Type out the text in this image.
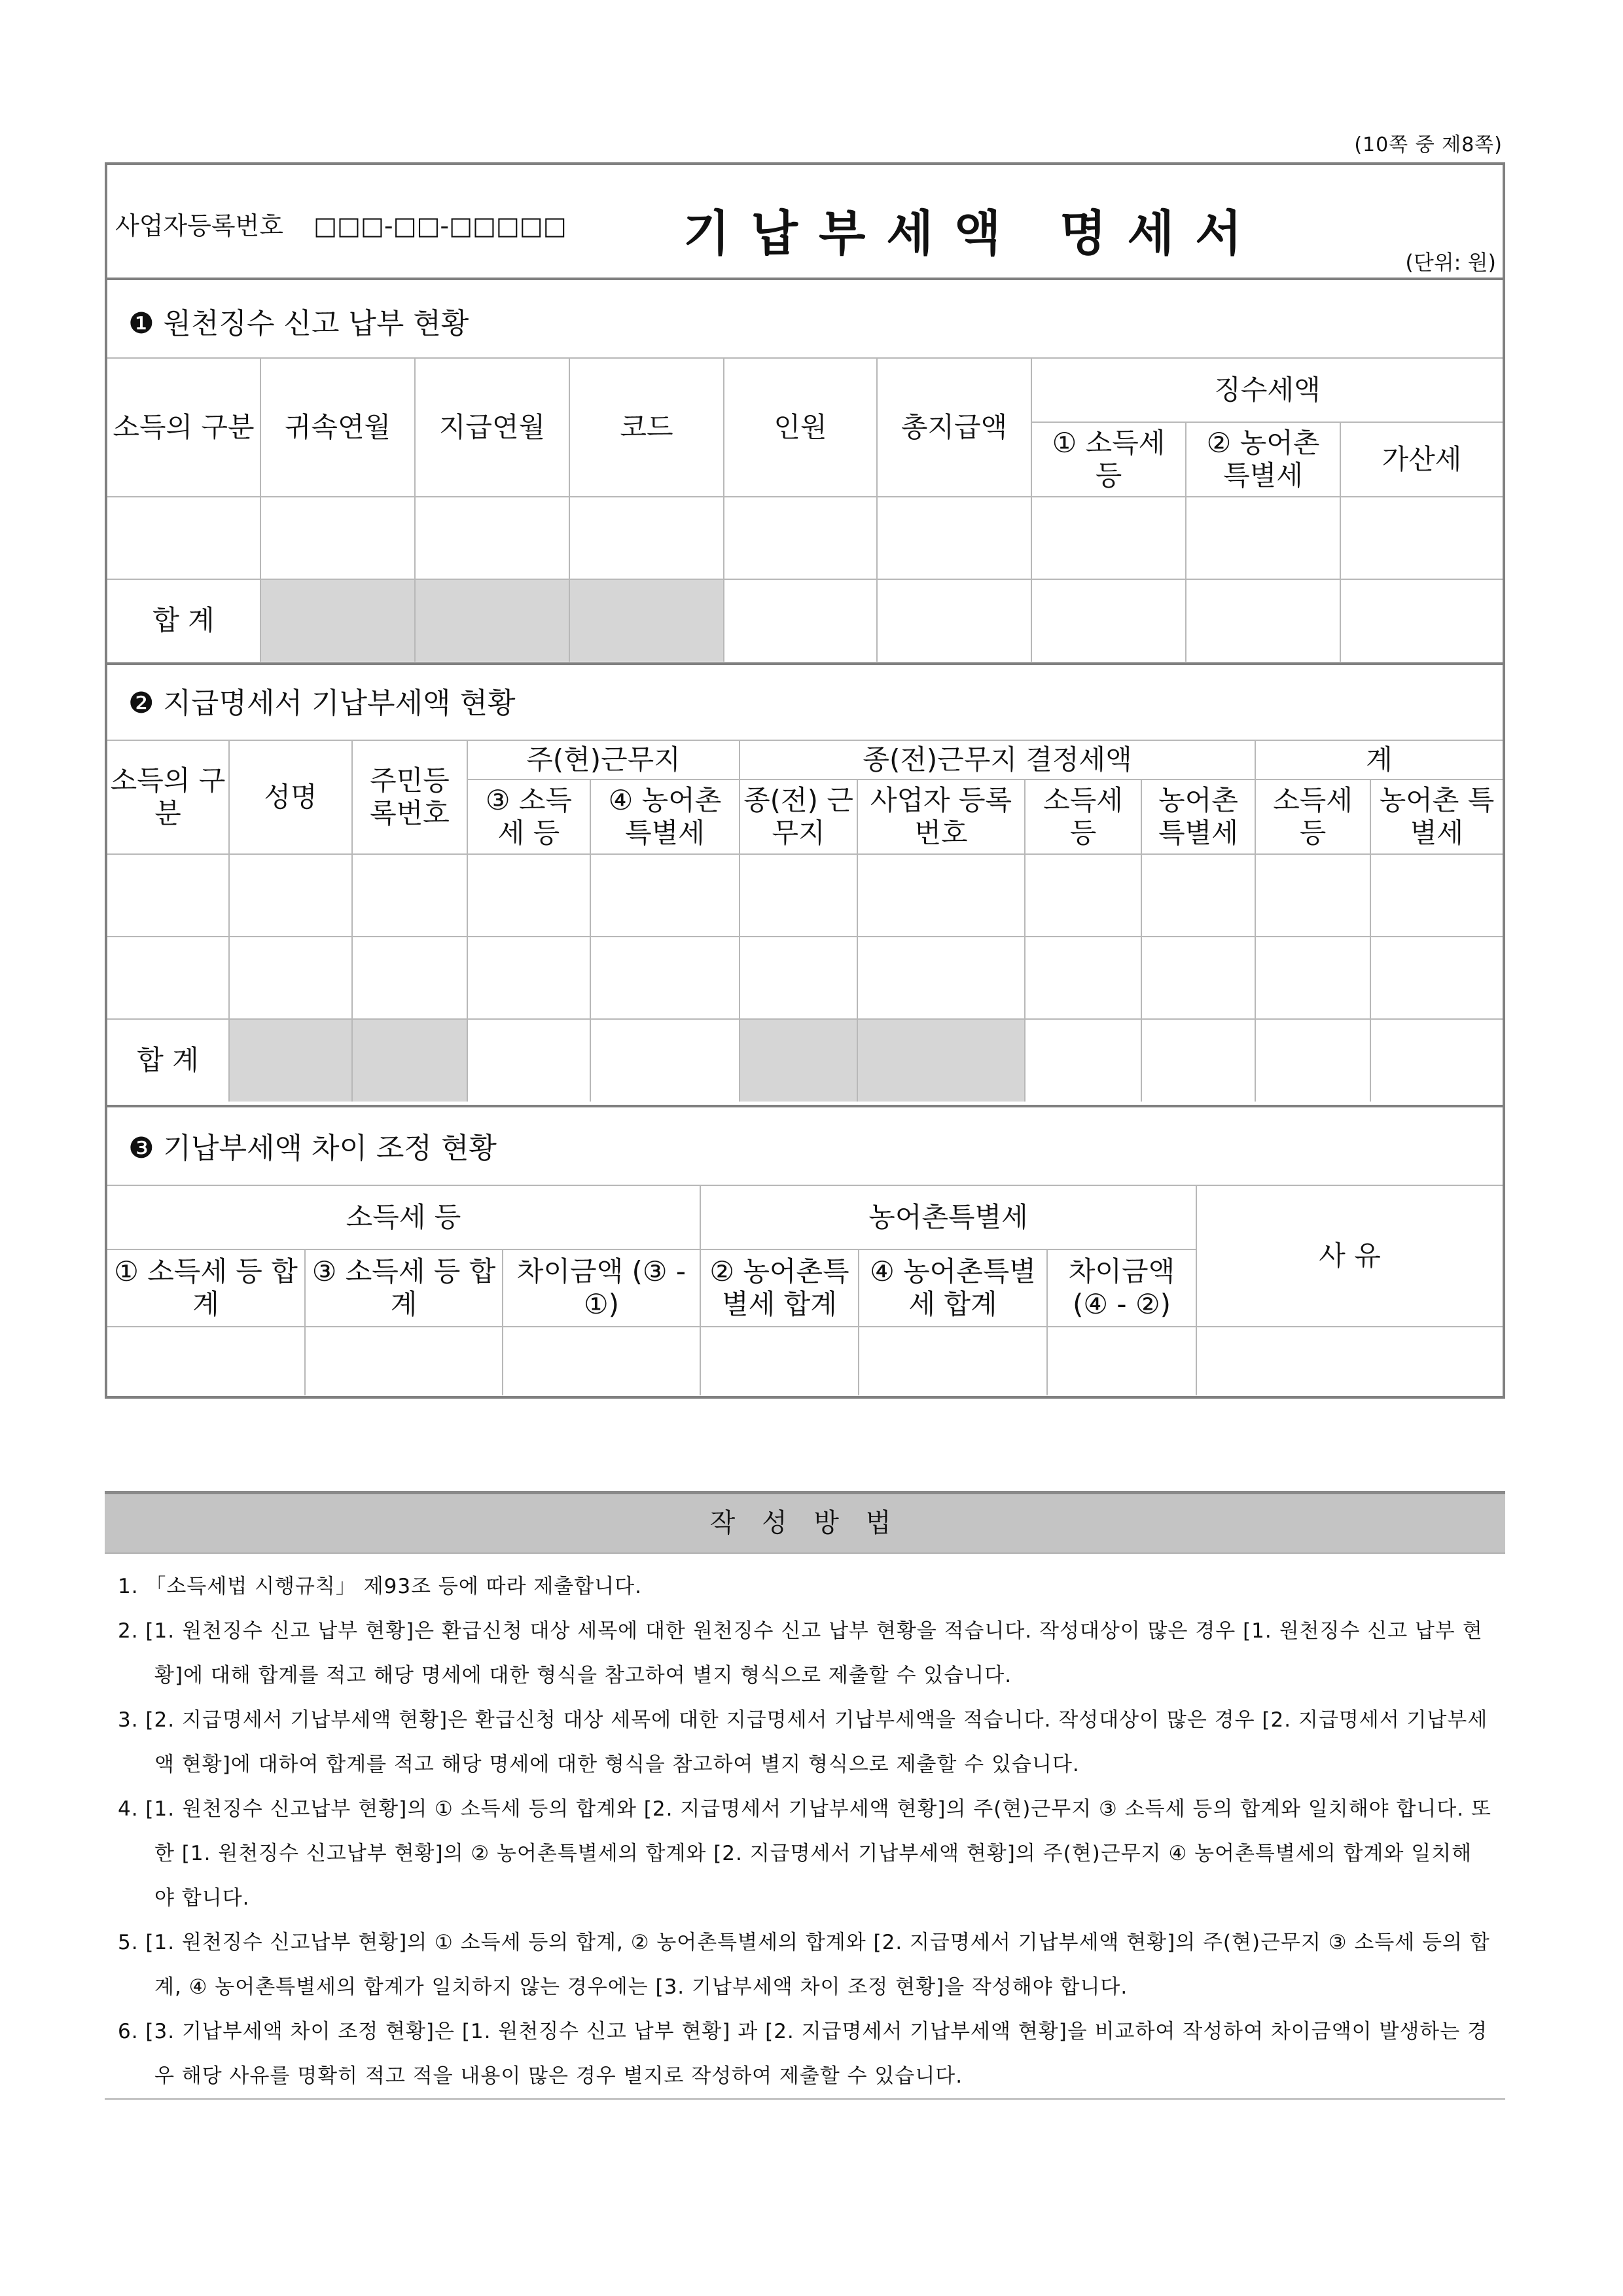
(10쪽 중 제8쪽)
사업자등록번호 □□□-□□-□□□□□ 기납부세액 명세서
(단위: 원)
❶ 원천징수 신고 납부 현황
소득의 구분	귀속연월	지급연월	코드	인원	총지급액	징수세액		
						① 소득세 등	② 농어촌 특별세	가산세

합 계								
❷ 지급명세서 기납부세액 현황
소득의 구분	성명	주민등 록번호	주(현)근무지		종(전)근무지 결정세액				계	
			③ 소득 세 등	④ 농어촌 특별세	종(전) 근무지	사업자 등록번호	소득세 등	농어촌 특별세	소득세 등	농어촌 특별세

합 계										
❸ 기납부세액 차이 조정 현황
소득세 등			농어촌특별세			사 유
① 소득세 등 합계	③ 소득세 등 합계	차이금액 (③ - ①)	② 농어촌특 별세 합계	④ 농어촌특별 세 합계	차이금액 (④ - ②)	

작 성 방 법
1. 「소득세법 시행규칙」 제93조 등에 따라 제출합니다.
2. [1. 원천징수 신고 납부 현황]은 환급신청 대상 세목에 대한 원천징수 신고 납부 현황을 적습니다. 작성대상이 많은 경우 [1. 원천징수 신고 납부 현황]에 대해 합계를 적고 해당 명세에 대한 형식을 참고하여 별지 형식으로 제출할 수 있습니다.
3. [2. 지급명세서 기납부세액 현황]은 환급신청 대상 세목에 대한 지급명세서 기납부세액을 적습니다. 작성대상이 많은 경우 [2. 지급명세서 기납부세액 현황]에 대하여 합계를 적고 해당 명세에 대한 형식을 참고하여 별지 형식으로 제출할 수 있습니다.
4. [1. 원천징수 신고납부 현황]의 ① 소득세 등의 합계와 [2. 지급명세서 기납부세액 현황]의 주(현)근무지 ③ 소득세 등의 합계와 일치해야 합니다. 또한 [1. 원천징수 신고납부 현황]의 ② 농어촌특별세의 합계와 [2. 지급명세서 기납부세액 현황]의 주(현)근무지 ④ 농어촌특별세의 합계와 일치해야 합니다.
5. [1. 원천징수 신고납부 현황]의 ① 소득세 등의 합계, ② 농어촌특별세의 합계와 [2. 지급명세서 기납부세액 현황]의 주(현)근무지 ③ 소득세 등의 합계, ④ 농어촌특별세의 합계가 일치하지 않는 경우에는 [3. 기납부세액 차이 조정 현황]을 작성해야 합니다.
6. [3. 기납부세액 차이 조정 현황]은 [1. 원천징수 신고 납부 현황] 과 [2. 지급명세서 기납부세액 현황]을 비교하여 작성하여 차이금액이 발생하는 경우 해당 사유를 명확히 적고 적을 내용이 많은 경우 별지로 작성하여 제출할 수 있습니다.
